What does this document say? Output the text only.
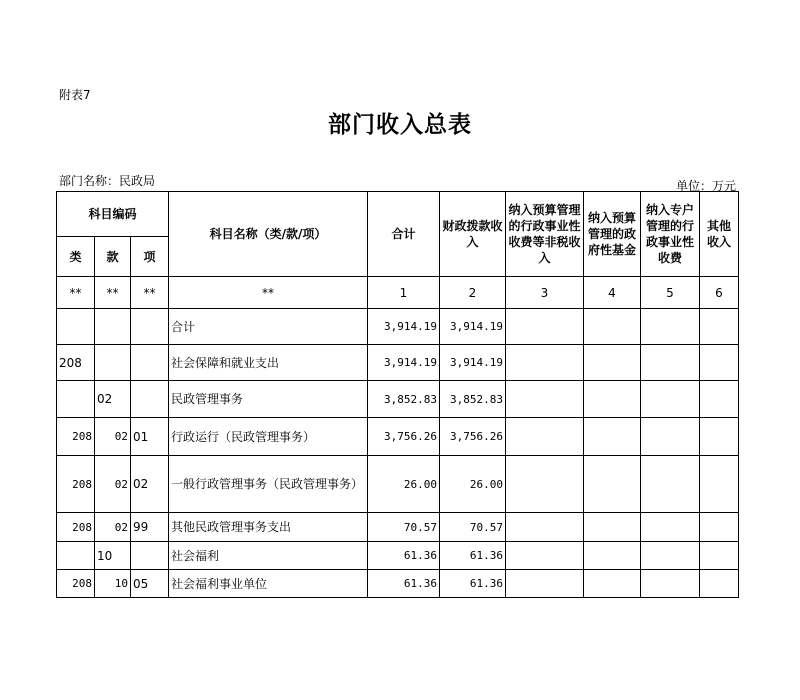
附表7
部门收入总表
部门名称：民政局	单位：万元
科目编码			科目名称（类/款/项）	合计	财政拨款收入	纳入预算管理的行政事业性收费等非税收入	纳入预算管理的政府性基金	纳入专户管理的行政事业性收费	其他收入
类	款	项							
**	**	**	**	1	2	3	4	5	6
			合计	3,914.19	3,914.19				
208			社会保障和就业支出	3,914.19	3,914.19				
	02		民政管理事务	3,852.83	3,852.83				
208	02	01	行政运行（民政管理事务）	3,756.26	3,756.26				
208	02	02	一般行政管理事务（民政管理事务）	26.00	26.00				
208	02	99	其他民政管理事务支出	70.57	70.57				
	10		社会福利	61.36	61.36				
208	10	05	社会福利事业单位	61.36	61.36				
